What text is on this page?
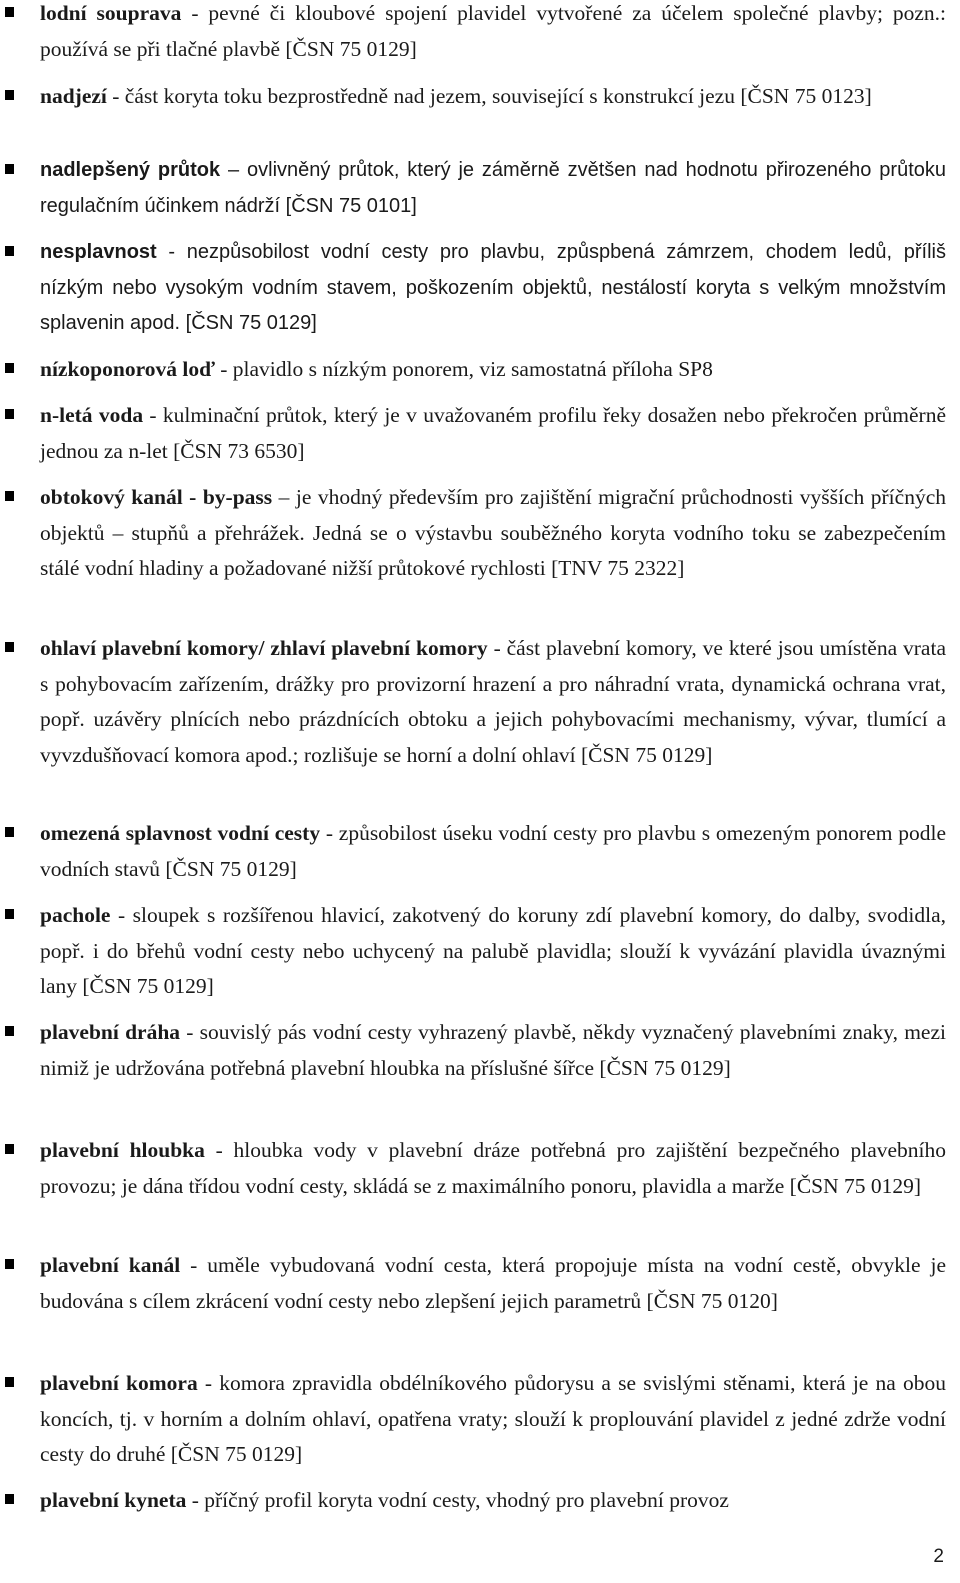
lodní souprava - pevné či kloubové spojení plavidel vytvořené za účelem společné plavby; pozn.: používá se při tlačné plavbě [ČSN 75 0129]
nadjezí - část koryta toku bezprostředně nad jezem, související s konstrukcí jezu [ČSN 75 0123]
nadlepšený průtok – ovlivněný průtok, který je záměrně zvětšen nad hodnotu přirozeného průtoku regulačním účinkem nádrží [ČSN 75 0101]
nesplavnost - nezpůsobilost vodní cesty pro plavbu, způspbená zámrzem, chodem ledů, příliš nízkým nebo vysokým vodním stavem, poškozením objektů, nestálostí koryta s velkým množstvím splavenin apod. [ČSN 75 0129]
nízkoponorová loď - plavidlo s nízkým ponorem, viz samostatná příloha SP8
n-letá voda - kulminační průtok, který je v uvažovaném profilu řeky dosažen nebo překročen průměrně jednou za n-let [ČSN 73 6530]
obtokový kanál - by-pass – je vhodný především pro zajištění migrační průchodnosti vyšších příčných objektů – stupňů a přehrážek. Jedná se o výstavbu souběžného koryta vodního toku se zabezpečením stálé vodní hladiny a požadované nižší průtokové rychlosti [TNV 75 2322]
ohlaví plavební komory/ zhlaví plavební komory - část plavební komory, ve které jsou umístěna vrata s pohybovacím zařízením, drážky pro provizorní hrazení a pro náhradní vrata, dynamická ochrana vrat, popř. uzávěry plnících nebo prázdnících obtoku a jejich pohybovacími mechanismy, vývar, tlumící a vyvzdušňovací komora apod.; rozlišuje se horní a dolní ohlaví [ČSN 75 0129]
omezená splavnost vodní cesty - způsobilost úseku vodní cesty pro plavbu s omezeným ponorem podle vodních stavů [ČSN 75 0129]
pachole - sloupek s rozšířenou hlavicí, zakotvený do koruny zdí plavební komory, do dalby, svodidla, popř. i do břehů vodní cesty nebo uchycený na palubě plavidla; slouží k vyvázání plavidla úvaznými lany [ČSN 75 0129]
plavební dráha - souvislý pás vodní cesty vyhrazený plavbě, někdy vyznačený plavebními znaky, mezi nimiž je udržována potřebná plavební hloubka na příslušné šířce [ČSN 75 0129]
plavební hloubka - hloubka vody v plavební dráze potřebná pro zajištění bezpečného plavebního provozu; je dána třídou vodní cesty, skládá se z maximálního ponoru, plavidla a marže [ČSN 75 0129]
plavební kanál - uměle vybudovaná vodní cesta, která propojuje místa na vodní cestě, obvykle je budována s cílem zkrácení vodní cesty nebo zlepšení jejich parametrů [ČSN 75 0120]
plavební komora - komora zpravidla obdélníkového půdorysu a se svislými stěnami, která je na obou koncích, tj. v horním a dolním ohlaví, opatřena vraty; slouží k proplouvání plavidel z jedné zdrže vodní cesty do druhé [ČSN 75 0129]
plavební kyneta - příčný profil koryta vodní cesty, vhodný pro plavební provoz
2
